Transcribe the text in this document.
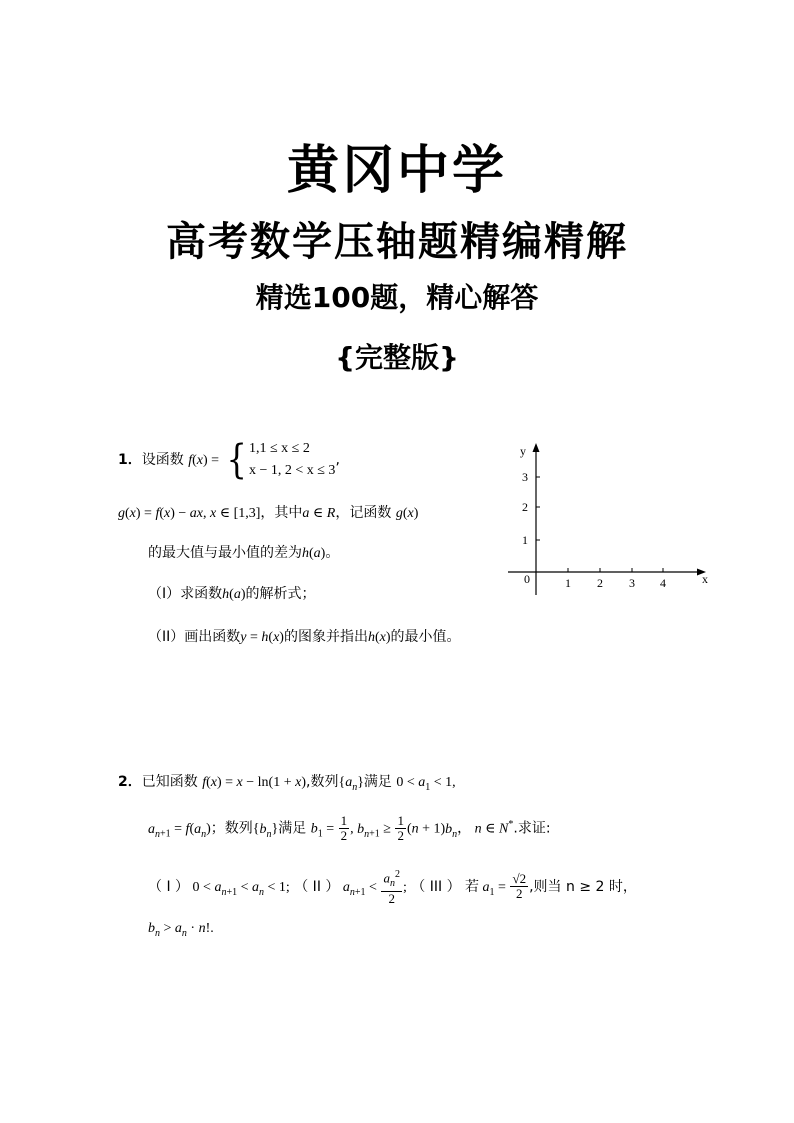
黄冈中学
高考数学压轴题精编精解
精选100题，精心解答
{完整版}
1．设函数 f(x) = { 1,1 ≤ x ≤ 2
x − 1, 2 < x ≤ 3
,
g(x) = f(x) − ax, x ∈ [1,3]，其中a ∈ R，记函数 g(x)
的最大值与最小值的差为h(a)。
（I）求函数h(a)的解析式；
（II）画出函数y = h(x)的图象并指出h(x)的最小值。
y
x
0	1 2 3 4
1
2
3
2．已知函数 f(x) = x − ln(1 + x),数列$\{a_n\}$满足 $0 < a_1 < 1$,
$a_{n+1} = f(a_n)$；数列$\{b_n\}$满足 $b_1 = \frac{1}{2}$ , $b_{n+1} \ge \frac{1}{2} (n + 1)b_n$， n ∈ N*.求证:
（ I ） $0 < a_{n+1} < a_n < 1$; （ II ） $a_{n+1} < \frac{a_n^2}{2}$ ; （ III ） 若 $a_1 = \frac{√2}{2}$ ,则当 n ≥ 2 时，
$b_n > a_n \cdot n$!.
